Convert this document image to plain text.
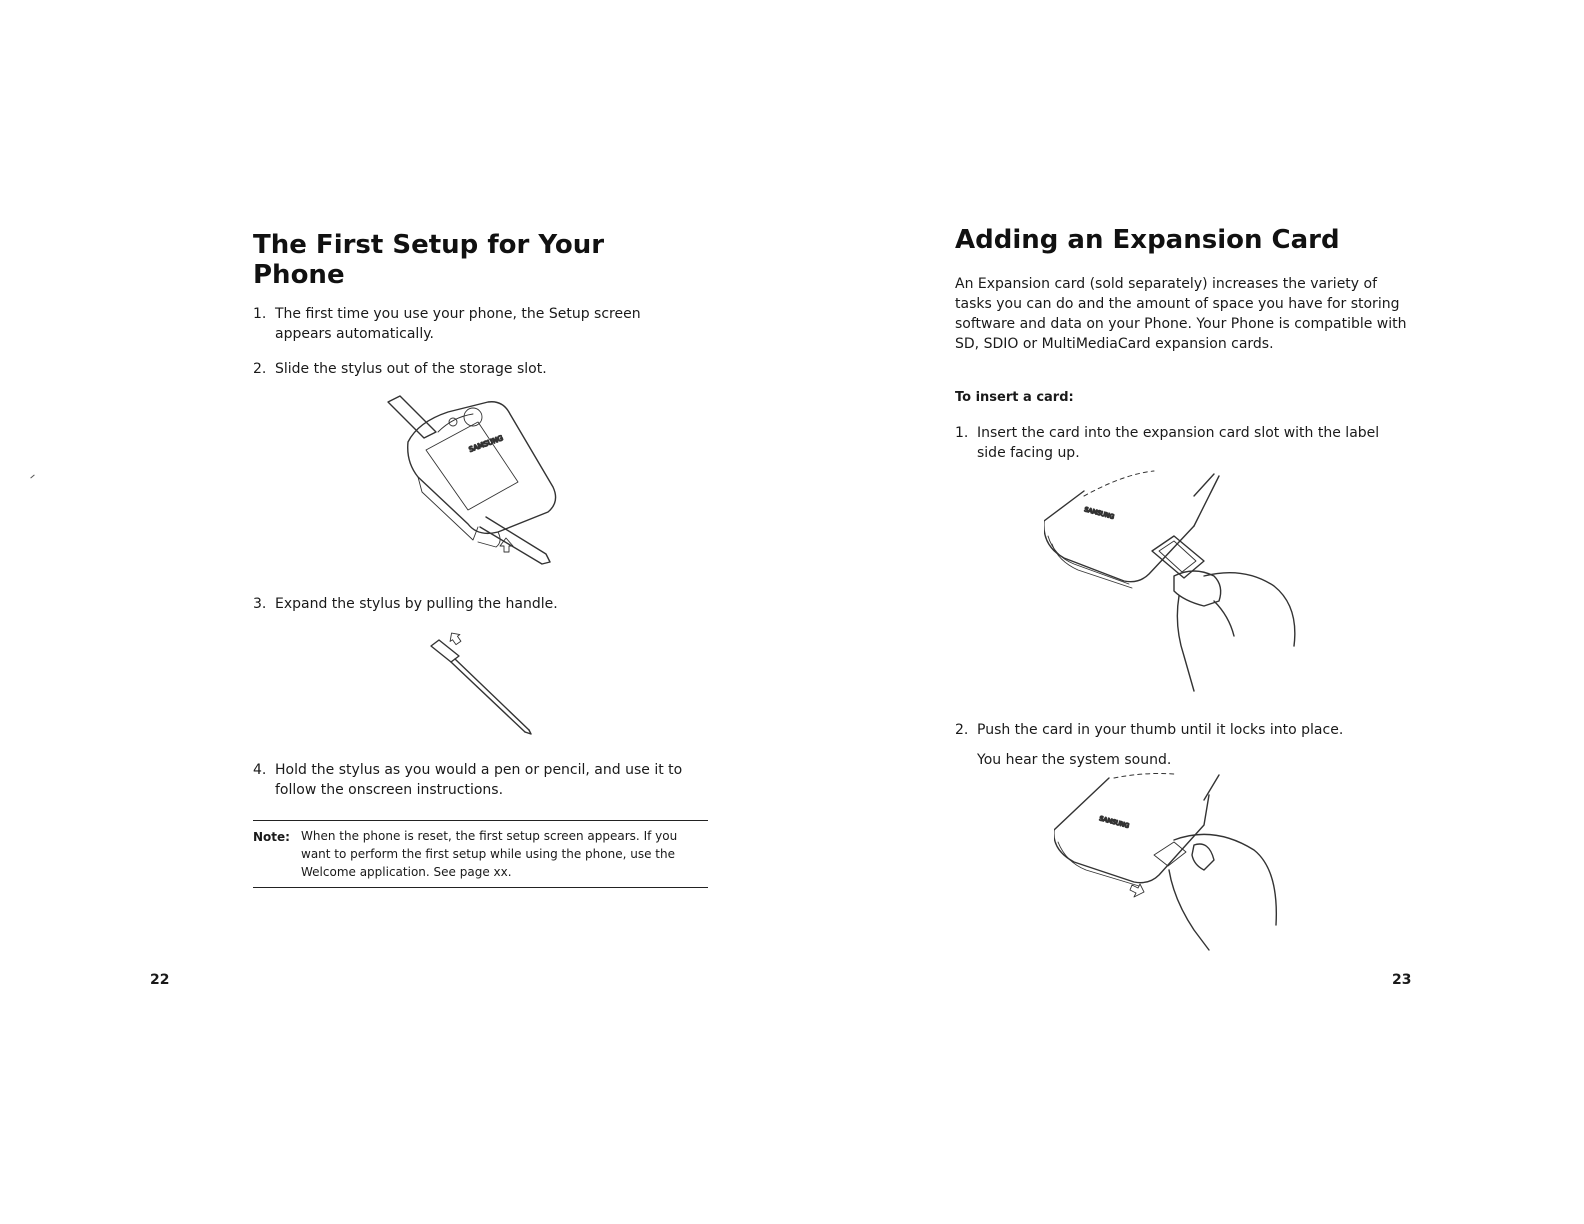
The First Setup for Your Phone
1. The first time you use your phone, the Setup screen appears automatically.
2. Slide the stylus out of the storage slot.
SAMSUNG
3. Expand the stylus by pulling the handle.
4. Hold the stylus as you would a pen or pencil, and use it to follow the onscreen instructions.
Note: When the phone is reset, the first setup screen appears. If you want to perform the first setup while using the phone, use the Welcome application. See page xx.
22
Adding an Expansion Card
An Expansion card (sold separately) increases the variety of tasks you can do and the amount of space you have for storing software and data on your Phone. Your Phone is compatible with SD, SDIO or MultiMediaCard expansion cards.
To insert a card:
1. Insert the card into the expansion card slot with the label side facing up.
SAMSUNG
2. Push the card in your thumb until it locks into place.
You hear the system sound.
SAMSUNG
23
